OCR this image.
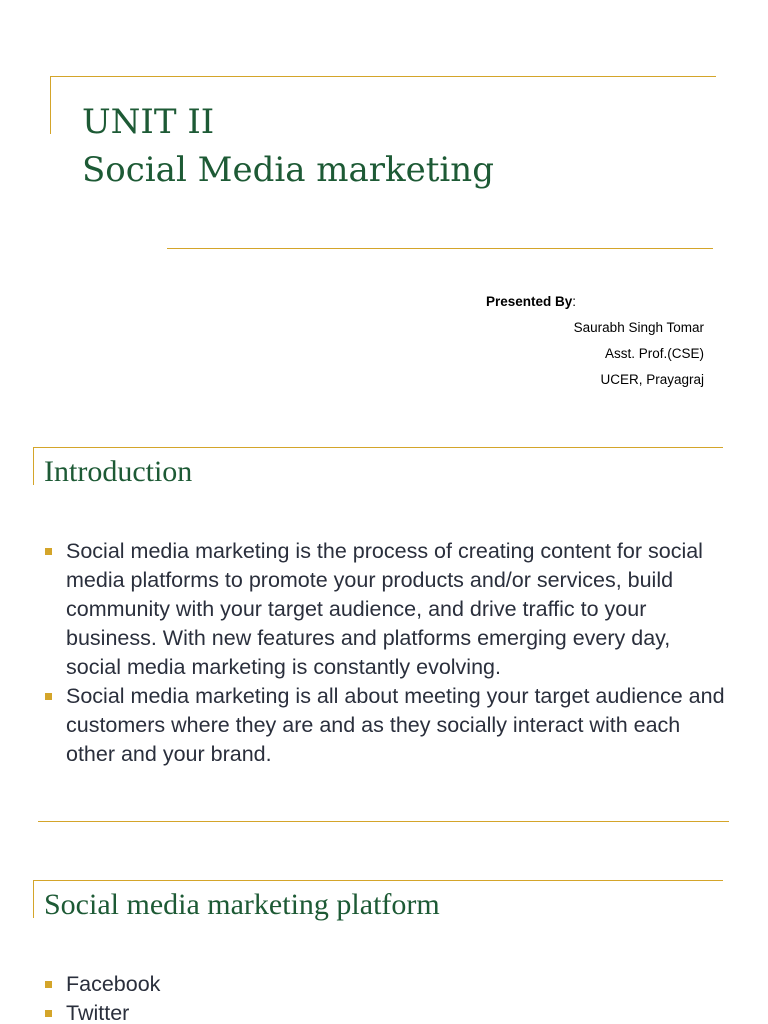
UNIT II
Social Media marketing
Presented By:
Saurabh Singh Tomar
Asst. Prof.(CSE)
UCER, Prayagraj
Introduction
Social media marketing is the process of creating content for social media platforms to promote your products and/or services, build community with your target audience, and drive traffic to your business. With new features and platforms emerging every day, social media marketing is constantly evolving.
Social media marketing is all about meeting your target audience and customers where they are and as they socially interact with each other and your brand.
Social media marketing platform
Facebook
Twitter
